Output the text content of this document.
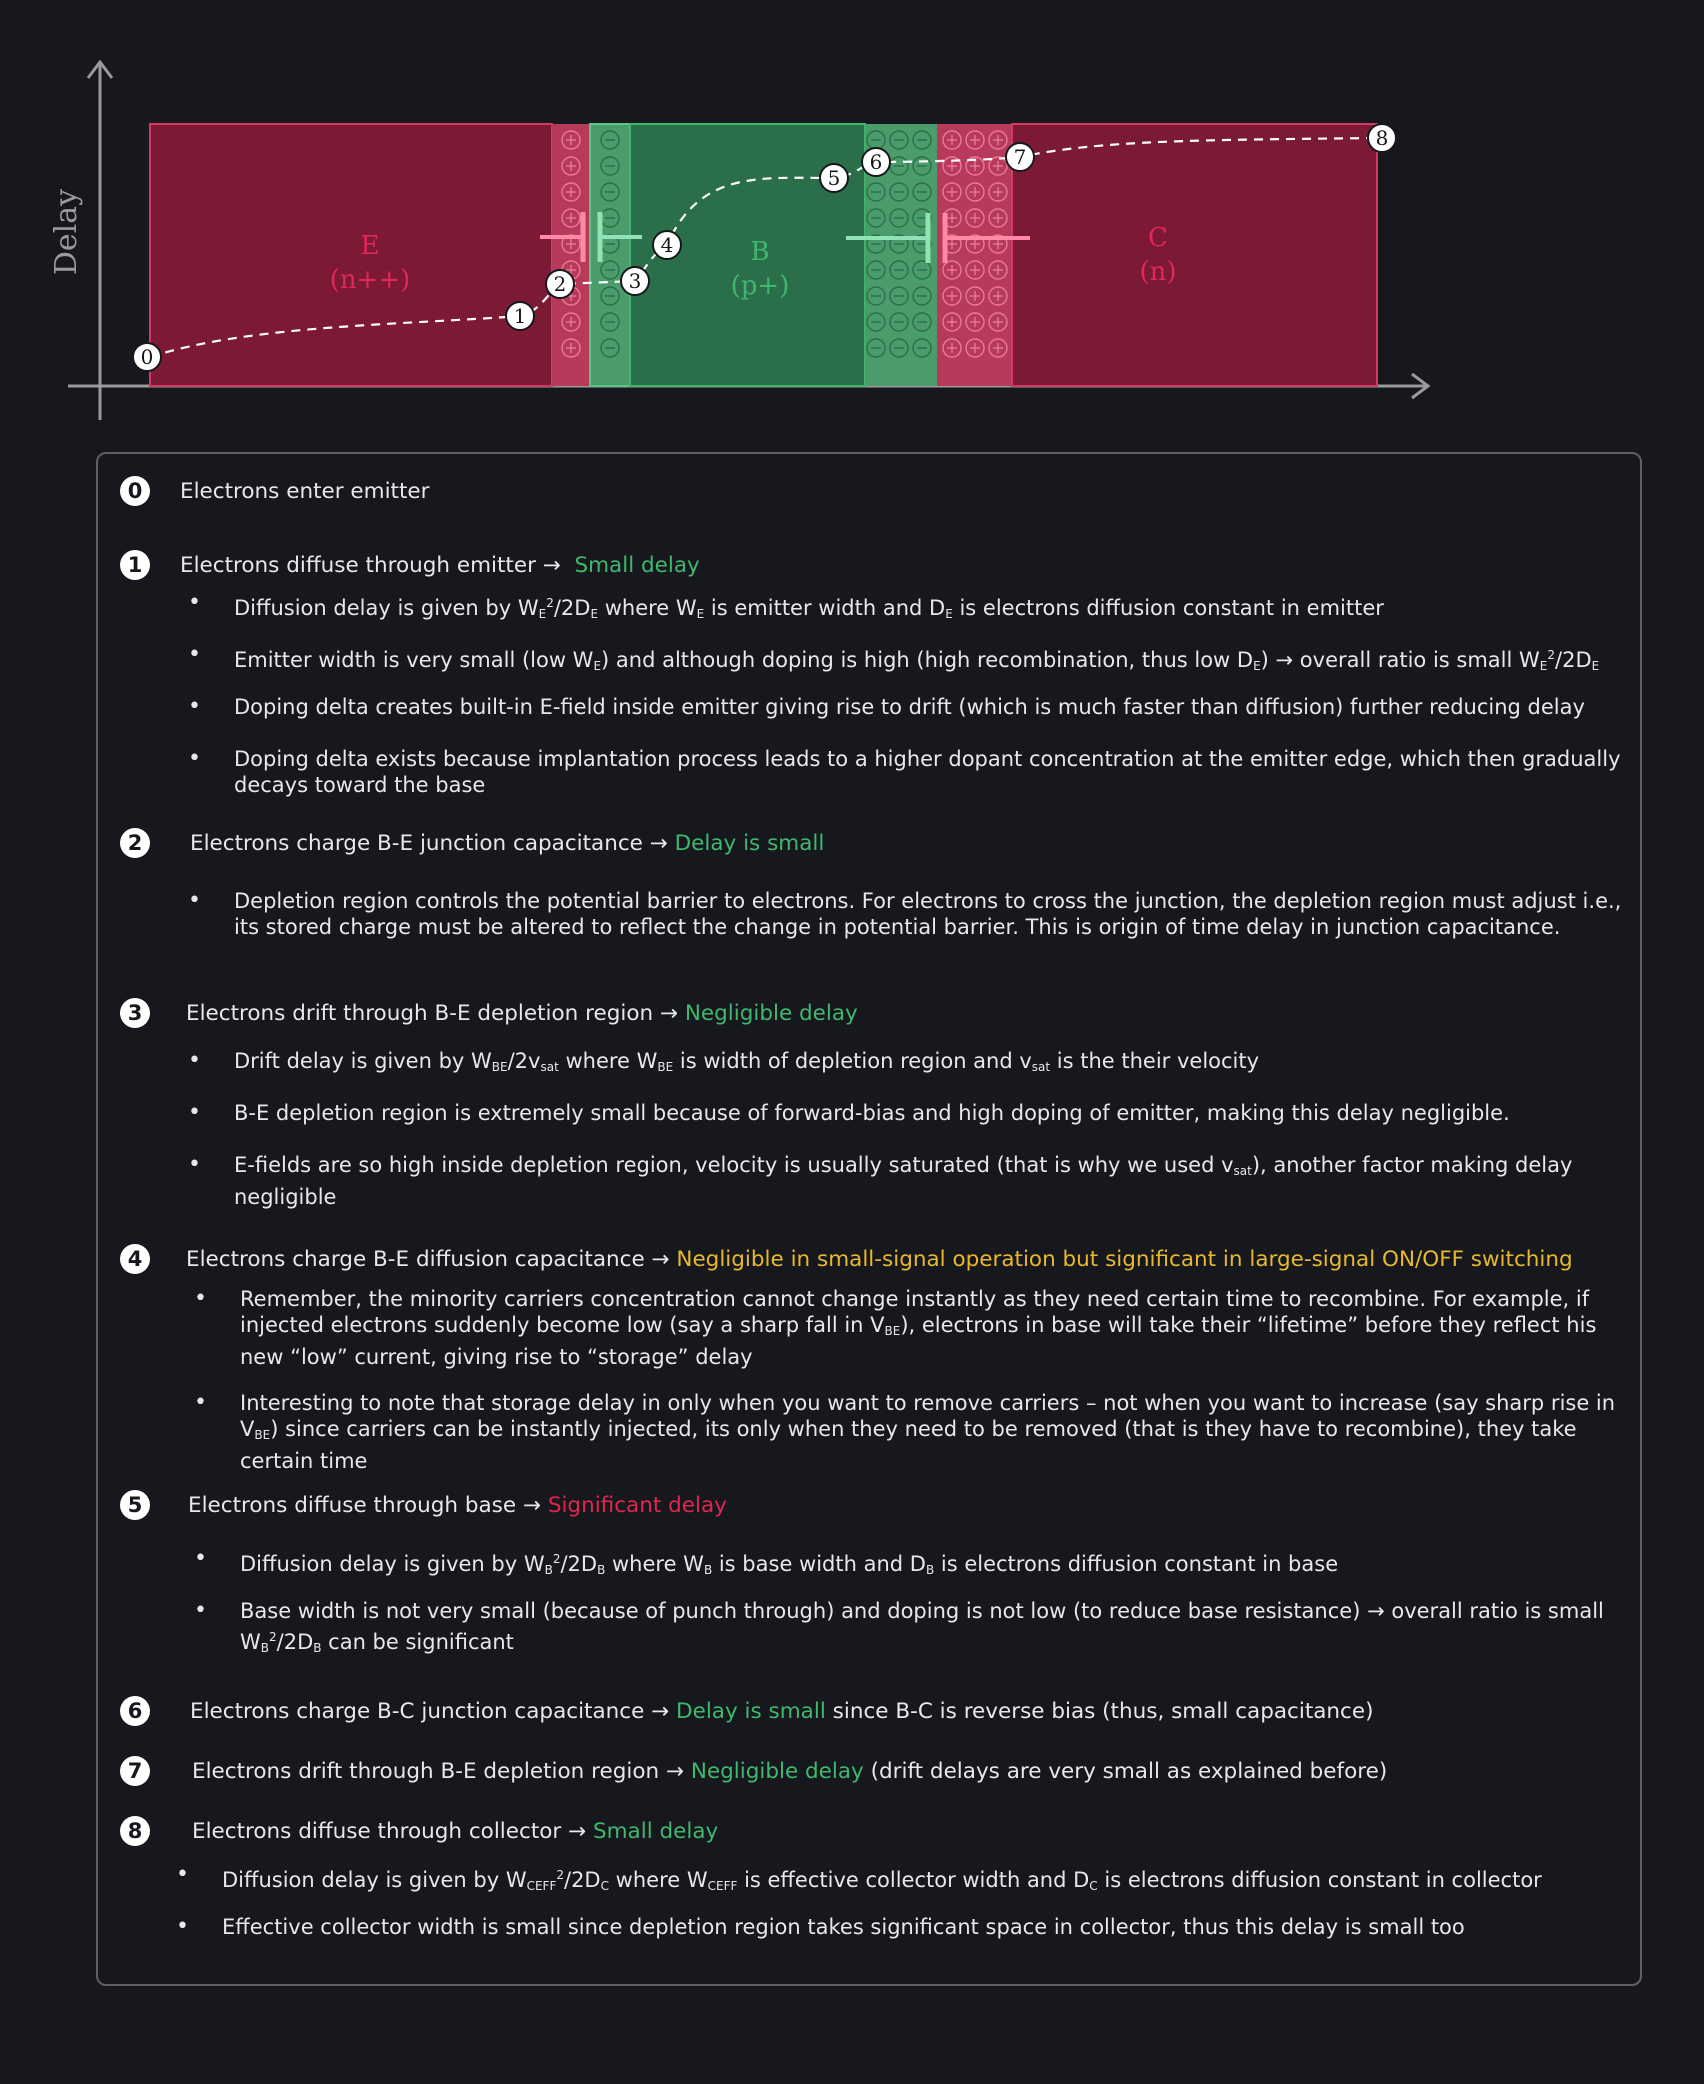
Delay	E
(n++)
B
(p+)
C
(n)
0
1
2	3
4
5
6	7
8
0	Electrons enter emitter
1	Electrons diffuse through emitter → Small delay
• Diffusion delay is given by $W_E^2/2D_E$ where $W_E$ is emitter width and $D_E$ is electrons diffusion constant in emitter
• Emitter width is very small (low $W_E$) and although doping is high (high recombination, thus low $D_E$) → overall ratio is small $W_E^2/2D_E$
• Doping delta creates built-in E-field inside emitter giving rise to drift (which is much faster than diffusion) further reducing delay
• Doping delta exists because implantation process leads to a higher dopant concentration at the emitter edge, which then gradually decays toward the base
2	Electrons charge B-E junction capacitance → Delay is small
• Depletion region controls the potential barrier to electrons. For electrons to cross the junction, the depletion region must adjust i.e., its stored charge must be altered to reflect the change in potential barrier. This is origin of time delay in junction capacitance.
3	Electrons drift through B-E depletion region → Negligible delay
• Drift delay is given by $W_{BE}/2v_{sat}$ where $W_{BE}$ is width of depletion region and $v_{sat}$ is the their velocity
• B-E depletion region is extremely small because of forward-bias and high doping of emitter, making this delay negligible.
• E-fields are so high inside depletion region, velocity is usually saturated (that is why we used $v_{sat}$), another factor making delay negligible
4	Electrons charge B-E diffusion capacitance → Negligible in small-signal operation but significant in large-signal ON/OFF switching
• Remember, the minority carriers concentration cannot change instantly as they need certain time to recombine. For example, if injected electrons suddenly become low (say a sharp fall in $V_{BE}$), electrons in base will take their “lifetime” before they reflect his new “low” current, giving rise to “storage” delay
• Interesting to note that storage delay in only when you want to remove carriers – not when you want to increase (say sharp rise in $V_{BE}$) since carriers can be instantly injected, its only when they need to be removed (that is they have to recombine), they take certain time
5	Electrons diffuse through base → Significant delay
• Diffusion delay is given by $W_B^2/2D_B$ where $W_B$ is base width and $D_B$ is electrons diffusion constant in base
• Base width is not very small (because of punch through) and doping is not low (to reduce base resistance) → overall ratio is small $W_B^2/2D_B$ can be significant
6	Electrons charge B-C junction capacitance → Delay is small since B-C is reverse bias (thus, small capacitance)
7	Electrons drift through B-E depletion region → Negligible delay (drift delays are very small as explained before)
8	Electrons diffuse through collector → Small delay
• Diffusion delay is given by $W_{CEFF}^2/2D_C$ where $W_{CEFF}$ is effective collector width and $D_C$ is electrons diffusion constant in collector
• Effective collector width is small since depletion region takes significant space in collector, thus this delay is small too
